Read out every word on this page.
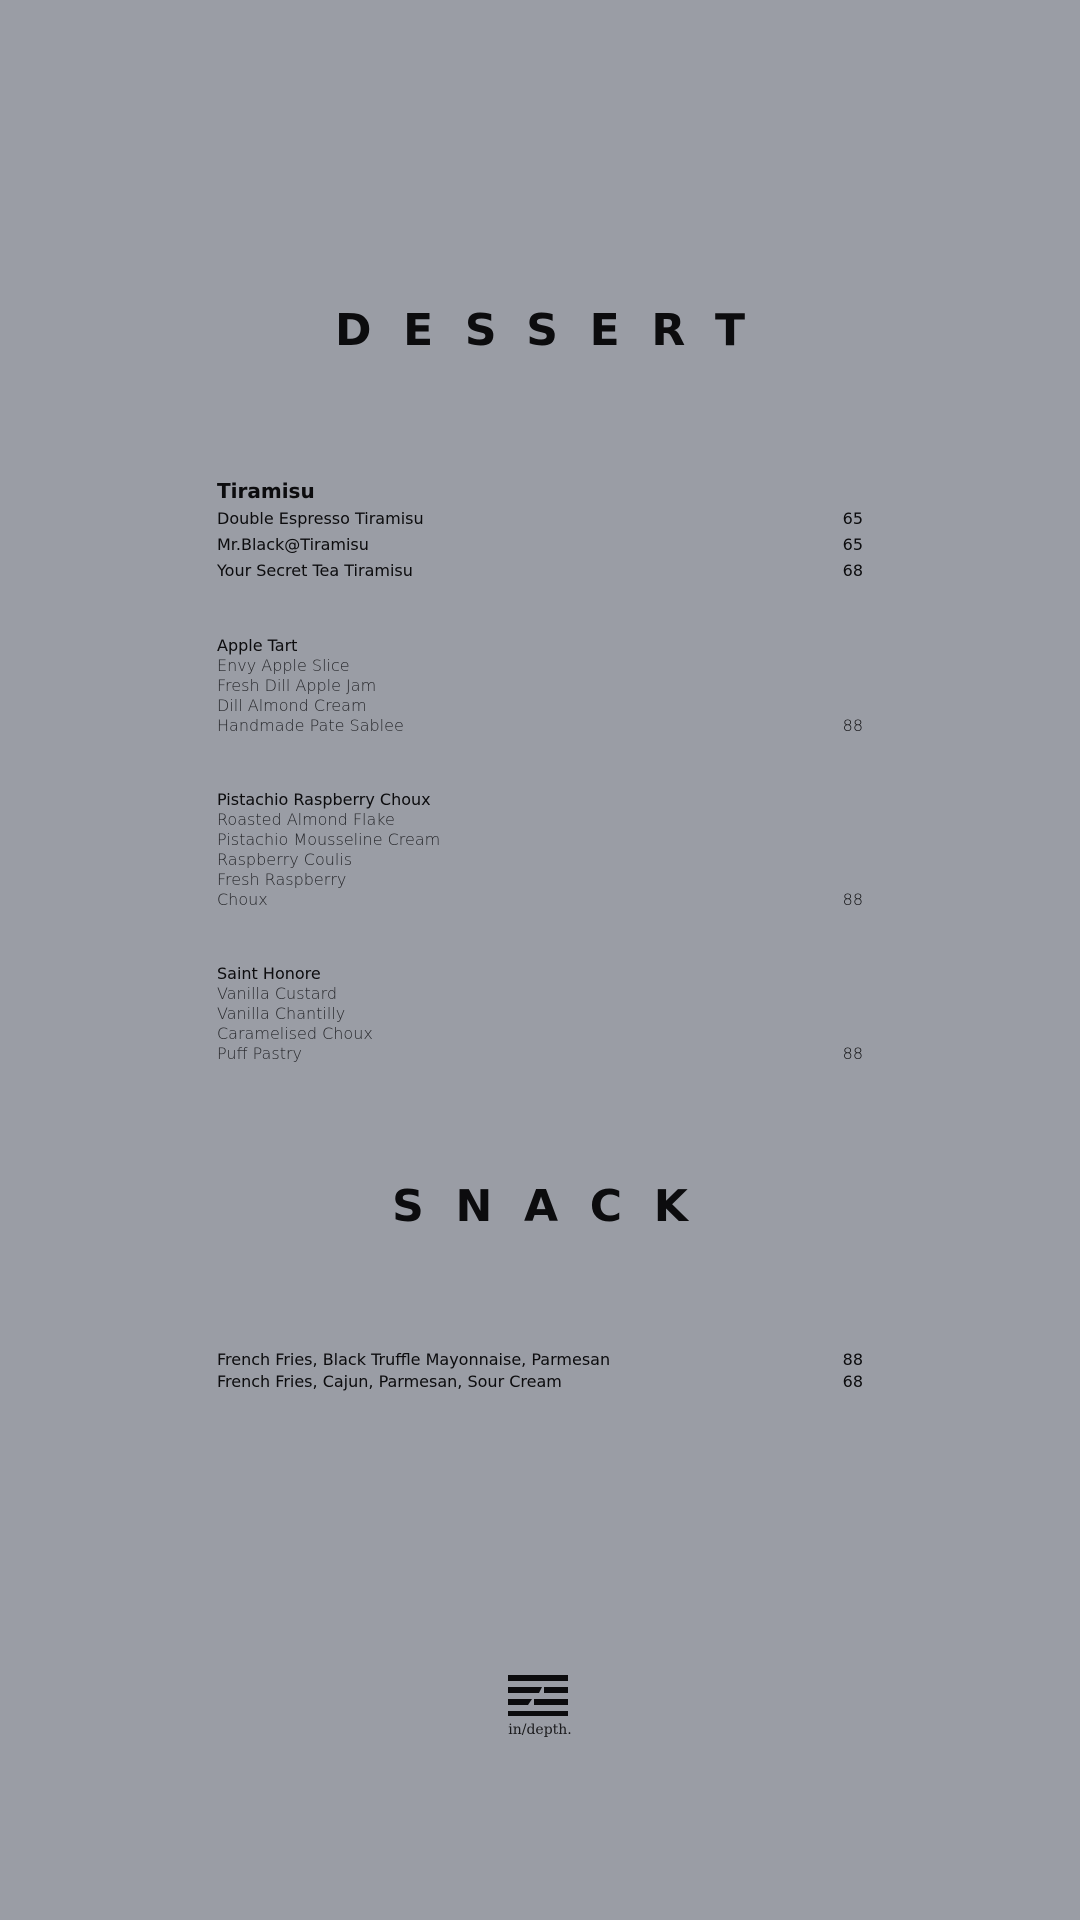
DESSERT
Tiramisu
Double Espresso Tiramisu	65
Mr.Black@Tiramisu	65
Your Secret Tea Tiramisu	68
Apple Tart
Envy Apple Slice
Fresh Dill Apple Jam
Dill Almond Cream
Handmade Pate Sablee	88
Pistachio Raspberry Choux
Roasted Almond Flake
Pistachio Mousseline Cream
Raspberry Coulis
Fresh Raspberry
Choux	88
Saint Honore
Vanilla Custard
Vanilla Chantilly
Caramelised Choux
Puff Pastry	88
SNACK
French Fries, Black Truffle Mayonnaise, Parmesan	88
French Fries, Cajun, Parmesan, Sour Cream	68
in/depth.
